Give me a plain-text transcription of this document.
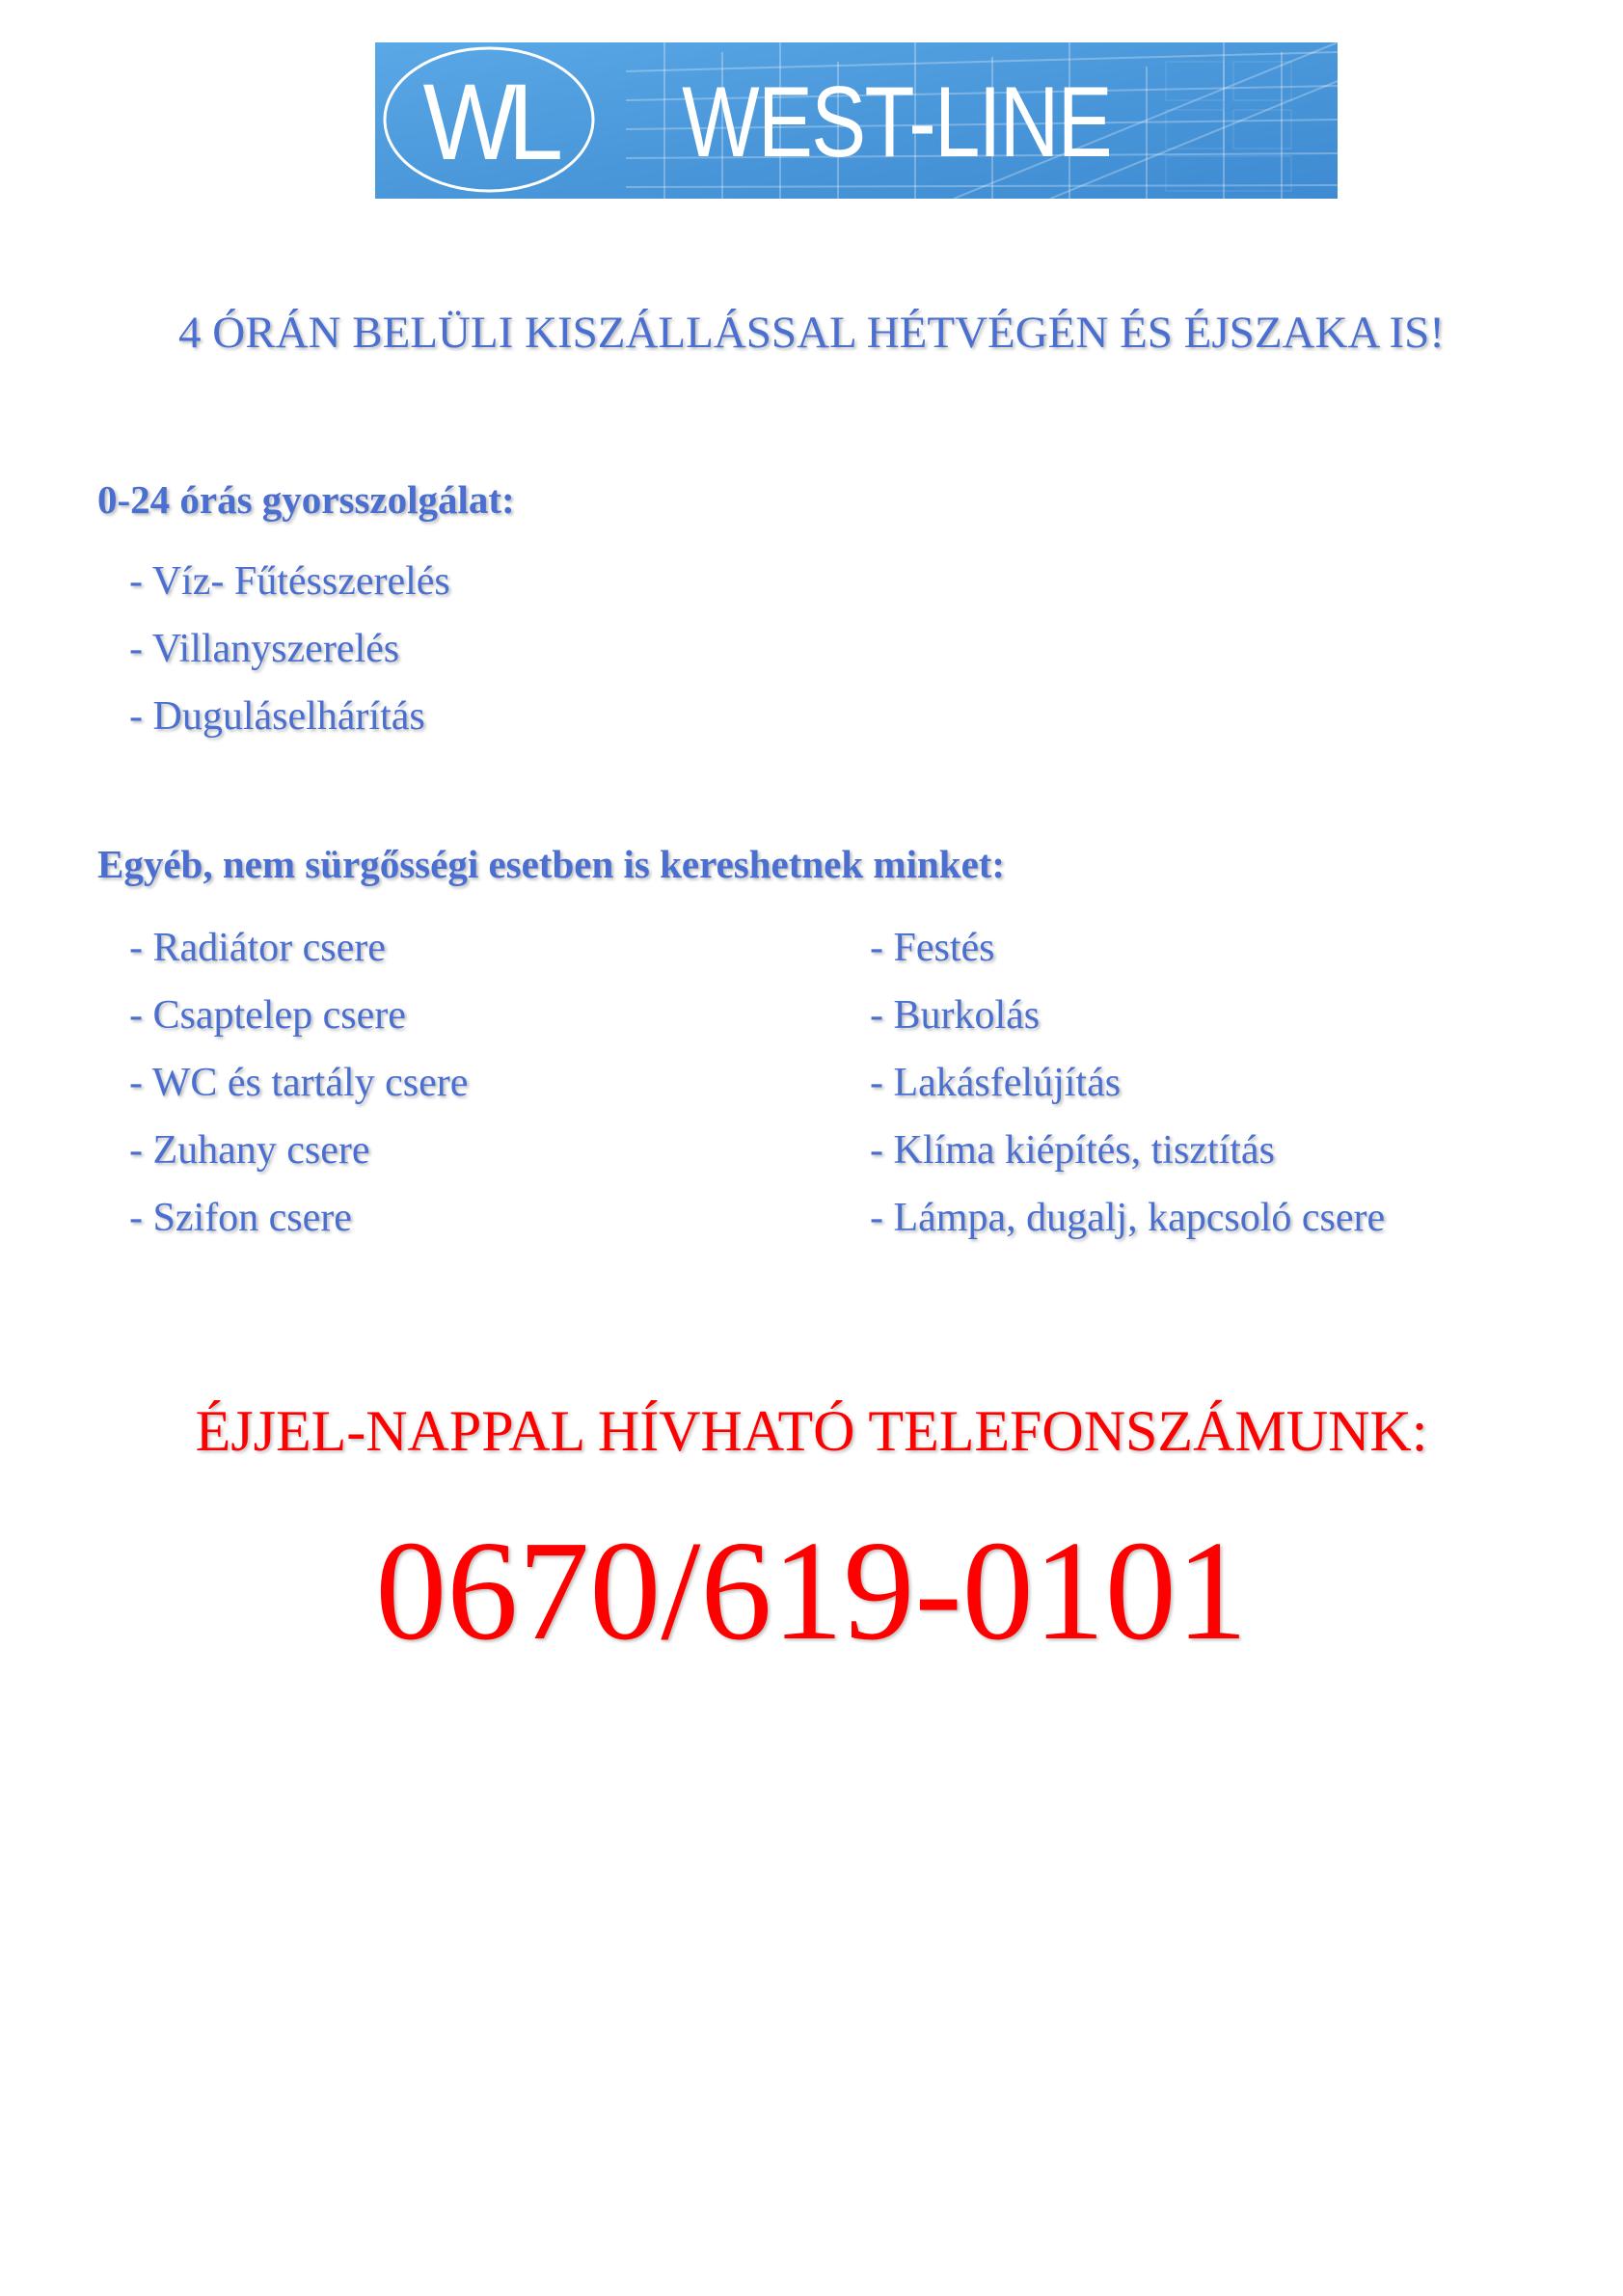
WL WEST-LINE
4 ÓRÁN BELÜLI KISZÁLLÁSSAL HÉTVÉGÉN ÉS ÉJSZAKA IS!
0-24 órás gyorsszolgálat:
- Víz- Fűtésszerelés
- Villanyszerelés
- Duguláselhárítás
Egyéb, nem sürgősségi esetben is kereshetnek minket:
- Radiátor csere
- Csaptelep csere
- WC és tartály csere
- Zuhany csere
- Szifon csere
- Festés
- Burkolás
- Lakásfelújítás
- Klíma kiépítés, tisztítás
- Lámpa, dugalj, kapcsoló csere
ÉJJEL-NAPPAL HÍVHATÓ TELEFONSZÁMUNK:
0670/619-0101
